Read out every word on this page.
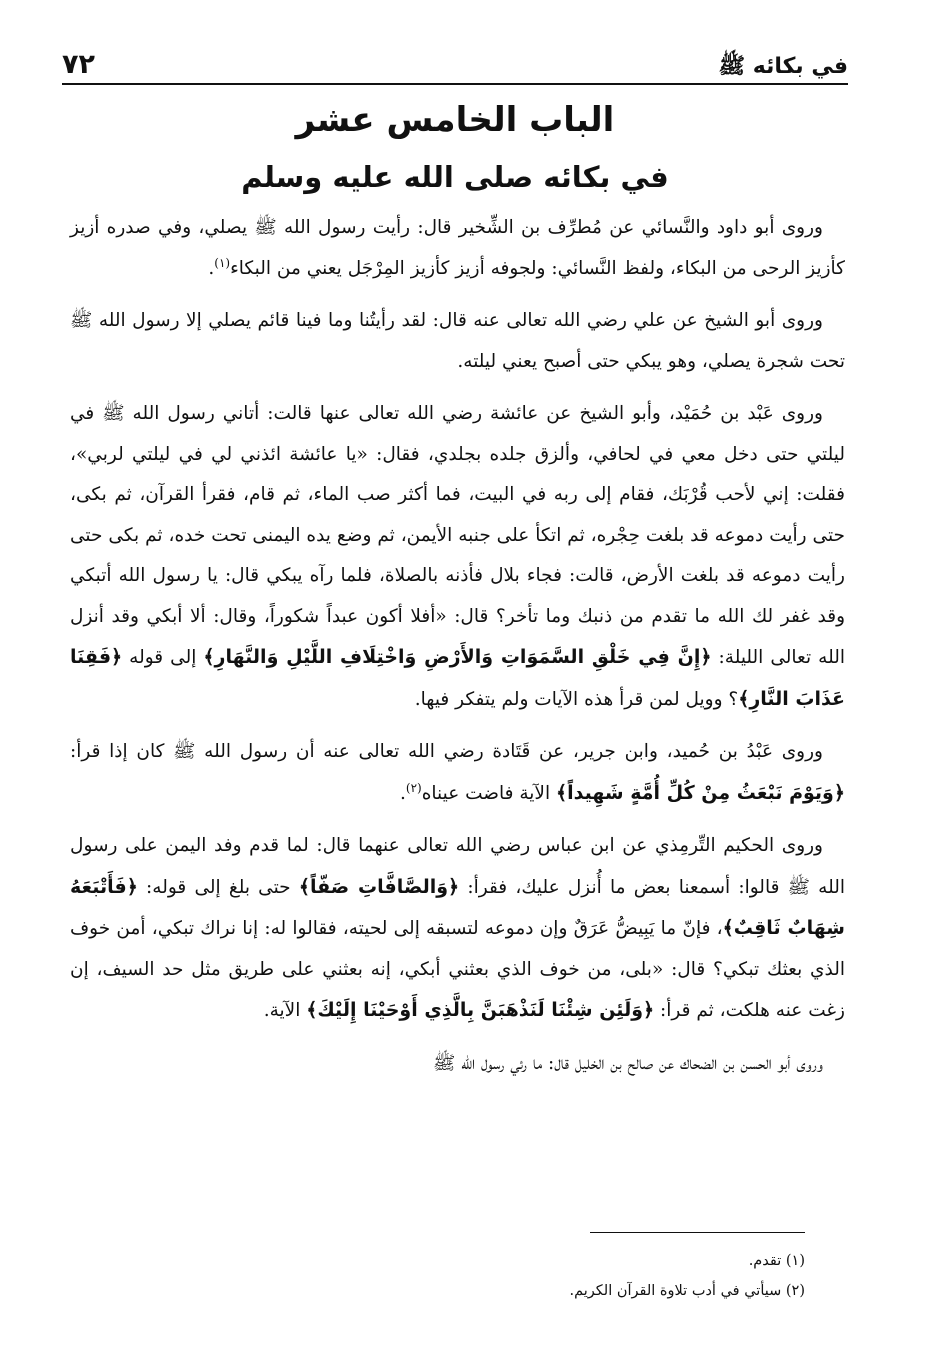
في بكائه ﷺ
٧٢
الباب الخامس عشر
في بكائه صلى الله عليه وسلم

وروى أبو داود والنَّسائي عن مُطرِّف بن الشِّخير قال: رأيت رسول الله ﷺ يصلي، وفي صدره أزيز كأزيز الرحى من البكاء، ولفظ النَّسائي: ولجوفه أزيز كأزيز المِرْجَل يعني من البكاء$^{(١)}$.

وروى أبو الشيخ عن علي رضي الله تعالى عنه قال: لقد رأيتُنا وما فينا قائم يصلي إلا رسول الله ﷺ تحت شجرة يصلي، وهو يبكي حتى أصبح يعني ليلته.

وروى عَبْد بن حُمَيْد، وأبو الشيخ عن عائشة رضي الله تعالى عنها قالت: أتاني رسول الله ﷺ في ليلتي حتى دخل معي في لحافي، وألزق جلده بجلدي، فقال: «يا عائشة ائذني لي في ليلتي لربي»، فقلت: إني لأحب قُرْبَك، فقام إلى ربه في البيت، فما أكثر صب الماء، ثم قام، فقرأ القرآن، ثم بكى، حتى رأيت دموعه قد بلغت حِجْره، ثم اتكأ على جنبه الأيمن، ثم وضع يده اليمنى تحت خده، ثم بكى حتى رأيت دموعه قد بلغت الأرض، قالت: فجاء بلال فأذنه بالصلاة، فلما رآه يبكي قال: يا رسول الله أتبكي وقد غفر لك الله ما تقدم من ذنبك وما تأخر؟ قال: «أفلا أكون عبداً شكوراً، وقال: ألا أبكي وقد أنزل الله تعالى الليلة: ﴿إِنَّ فِي خَلْقِ السَّمَوَاتِ وَالأَرْضِ وَاخْتِلَافِ اللَّيْلِ وَالنَّهَارِ﴾ إلى قوله ﴿فَقِنَا عَذَابَ النَّارِ﴾؟ وويل لمن قرأ هذه الآيات ولم يتفكر فيها.

وروى عَبْدُ بن حُميد، وابن جرير، عن قَتَادة رضي الله تعالى عنه أن رسول الله ﷺ كان إذا قرأ: ﴿وَيَوْمَ نَبْعَثُ مِنْ كُلِّ أُمَّةٍ شَهِيداً﴾ الآية فاضت عيناه$^{(٢)}$.

وروى الحكيم التِّرمِذي عن ابن عباس رضي الله تعالى عنهما قال: لما قدم وفد اليمن على رسول الله ﷺ قالوا: أسمعنا بعض ما أُنزل عليك، فقرأ: ﴿وَالصَّافَّاتِ صَفّاً﴾ حتى بلغ إلى قوله: ﴿فَأَتْبَعَهُ شِهَابٌ ثَاقِبٌ﴾، فإنّ ما يَبِيضُّ عَرَقٌ وإن دموعه لتسبقه إلى لحيته، فقالوا له: إنا نراك تبكي، أمن خوف الذي بعثك تبكي؟ قال: «بلى، من خوف الذي بعثني أبكي، إنه بعثني على طريق مثل حد السيف، إن زغت عنه هلكت، ثم قرأ: ﴿وَلَئِن شِئْنَا لَنَذْهَبَنَّ بِالَّذِي أَوْحَيْنَا إِلَيْكَ﴾ الآية.

وروى أبو الحسن بن الضحاك عن صالح بن الخليل قال: ما رئي رسول الله ﷺ

(١) تقدم.

(٢) سيأتي في أدب تلاوة القرآن الكريم.
